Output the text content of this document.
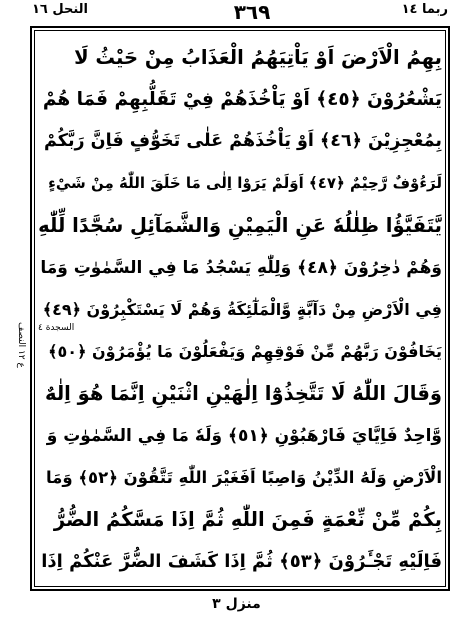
النحل ١٦	٣٦٩	ربما ١٤
ع ١٢ النصف
السجدة ٤
بِهِمُ الْاَرْضَ اَوْ يَاْتِيَهُمُ الْعَذَابُ مِنْ حَيْثُ لَا
يَشْعُرُوْنَ ﴿٤٥﴾ اَوْ يَاْخُذَهُمْ فِيْ تَقَلُّبِهِمْ فَمَا هُمْ
بِمُعْجِزِيْنَ ﴿٤٦﴾ اَوْ يَاْخُذَهُمْ عَلٰى تَخَوُّفٍ فَاِنَّ رَبَّكُمْ
لَرَءُوْفٌ رَّحِيْمٌ ﴿٤٧﴾ اَوَلَمْ يَرَوْا اِلٰى مَا خَلَقَ اللّٰهُ مِنْ شَيْءٍ
يَّتَفَيَّؤُا ظِلٰلُهٗ عَنِ الْيَمِيْنِ وَالشَّمَآئِلِ سُجَّدًا لِّلّٰهِ
وَهُمْ دٰخِرُوْنَ ﴿٤٨﴾ وَلِلّٰهِ يَسْجُدُ مَا فِي السَّمٰوٰتِ وَمَا
فِي الْاَرْضِ مِنْ دَآبَّةٍ وَّالْمَلٰٓئِكَةُ وَهُمْ لَا يَسْتَكْبِرُوْنَ ﴿٤٩﴾
يَخَافُوْنَ رَبَّهُمْ مِّنْ فَوْقِهِمْ وَيَفْعَلُوْنَ مَا يُؤْمَرُوْنَ ﴿٥٠﴾
وَقَالَ اللّٰهُ لَا تَتَّخِذُوْٓا اِلٰهَيْنِ اثْنَيْنِ اِنَّمَا هُوَ اِلٰهٌ
وَّاحِدٌ فَاِيَّايَ فَارْهَبُوْنِ ﴿٥١﴾ وَلَهٗ مَا فِي السَّمٰوٰتِ وَ
الْاَرْضِ وَلَهُ الدِّيْنُ وَاصِبًا اَفَغَيْرَ اللّٰهِ تَتَّقُوْنَ ﴿٥٢﴾ وَمَا
بِكُمْ مِّنْ نِّعْمَةٍ فَمِنَ اللّٰهِ ثُمَّ اِذَا مَسَّكُمُ الضُّرُّ
فَاِلَيْهِ تَجْـَٔرُوْنَ ﴿٥٣﴾ ثُمَّ اِذَا كَشَفَ الضُّرَّ عَنْكُمْ اِذَا
منزل ٣
